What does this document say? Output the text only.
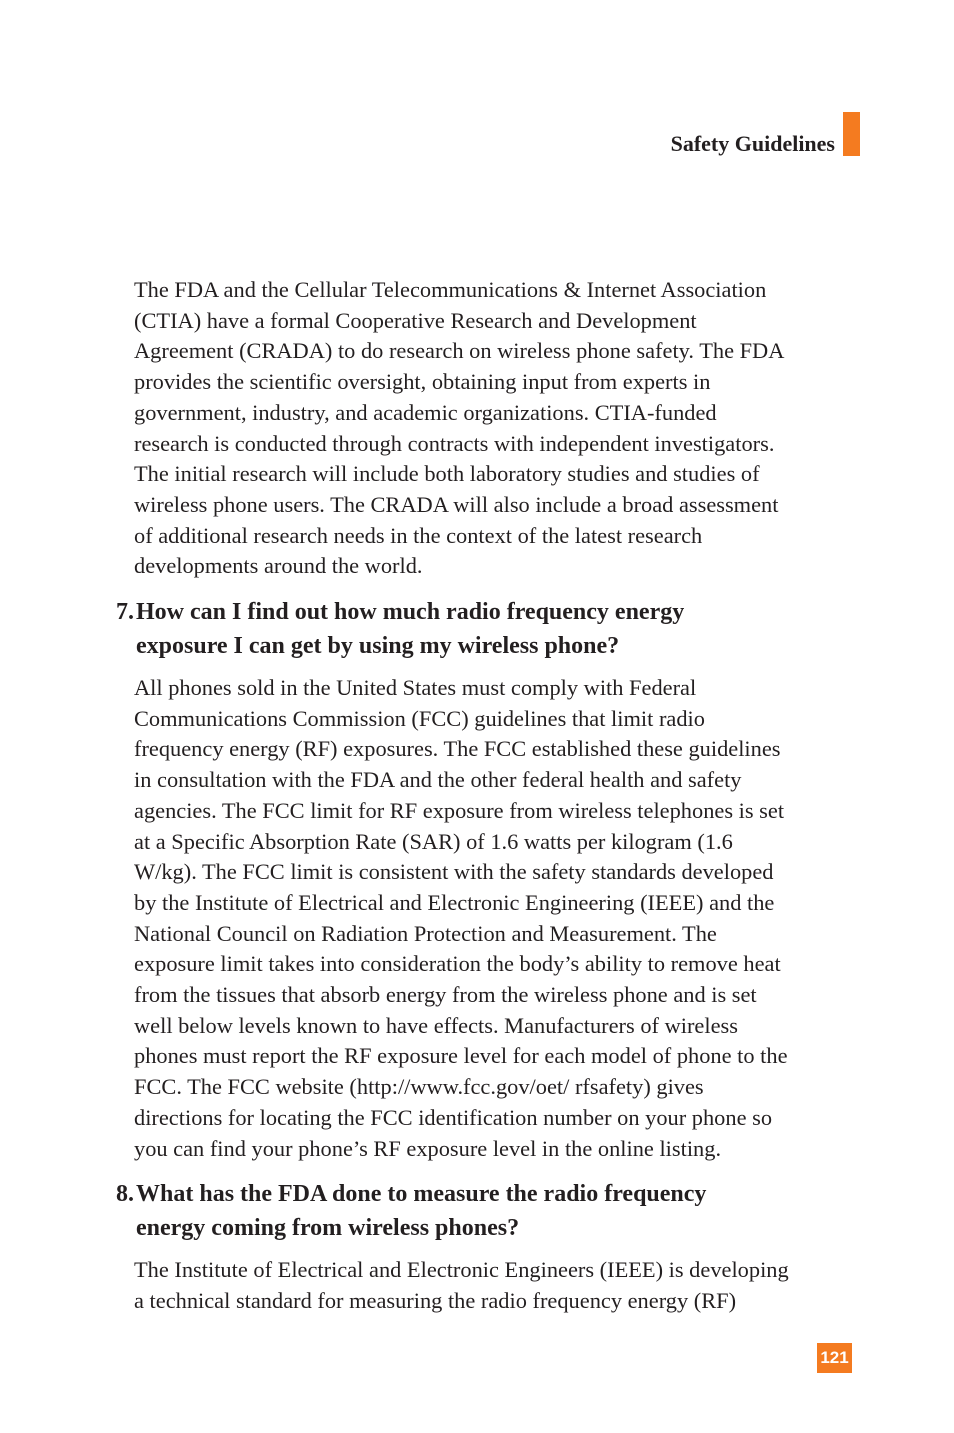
Safety Guidelines

The FDA and the Cellular Telecommunications & Internet Association
(CTIA) have a formal Cooperative Research and Development
Agreement (CRADA) to do research on wireless phone safety. The FDA
provides the scientific oversight, obtaining input from experts in
government, industry, and academic organizations. CTIA-funded
research is conducted through contracts with independent investigators.
The initial research will include both laboratory studies and studies of
wireless phone users. The CRADA will also include a broad assessment
of additional research needs in the context of the latest research
developments around the world.

7. How can I find out how much radio frequency energy
exposure I can get by using my wireless phone?

All phones sold in the United States must comply with Federal
Communications Commission (FCC) guidelines that limit radio
frequency energy (RF) exposures. The FCC established these guidelines
in consultation with the FDA and the other federal health and safety
agencies. The FCC limit for RF exposure from wireless telephones is set
at a Specific Absorption Rate (SAR) of 1.6 watts per kilogram (1.6
W/kg). The FCC limit is consistent with the safety standards developed
by the Institute of Electrical and Electronic Engineering (IEEE) and the
National Council on Radiation Protection and Measurement. The
exposure limit takes into consideration the body’s ability to remove heat
from the tissues that absorb energy from the wireless phone and is set
well below levels known to have effects. Manufacturers of wireless
phones must report the RF exposure level for each model of phone to the
FCC. The FCC website (http://www.fcc.gov/oet/ rfsafety) gives
directions for locating the FCC identification number on your phone so
you can find your phone’s RF exposure level in the online listing.

8. What has the FDA done to measure the radio frequency
energy coming from wireless phones?

The Institute of Electrical and Electronic Engineers (IEEE) is developing
a technical standard for measuring the radio frequency energy (RF)

121
